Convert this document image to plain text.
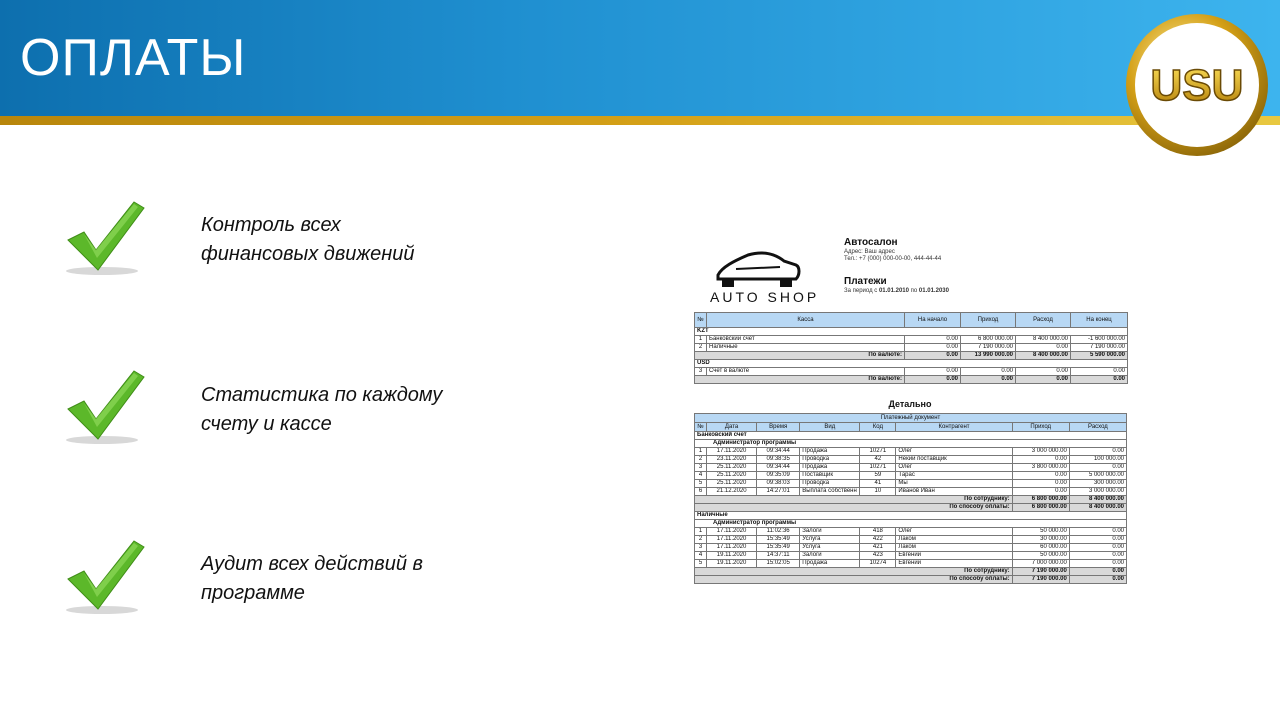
ОПЛАТЫ	USU
Контроль всех
финансовых движений
Статистика по каждому
счету и кассе
Аудит всех действий в
программе
AUTO SHOP
Автосалон
Адрес: Ваш адрес
Тел.: +7 (000) 000-00-00, 444-44-44
Платежи
За период с 01.01.2010 по 01.01.2030
№	Касса	На начало	Приход	Расход	На конец
KZT					
1	Банковский счет	0.00	6 800 000.00	8 400 000.00	-1 600 000.00
2	Наличные	0.00	7 190 000.00	0.00	7 190 000.00
По валюте:		0.00	13 990 000.00	8 400 000.00	5 590 000.00
USD					
3	Счет в валюте	0.00	0.00	0.00	0.00
По валюте:		0.00	0.00	0.00	0.00
Детально
Платежный документ							
№	Дата	Время	Вид	Код	Контрагент	Приход	Расход
Банковский счет							
Администратор программы							
1	17.11.2020	09:34:44	Продажа	10271	Олег	3 000 000.00	0.00
2	23.11.2020	09:38:35	Проводка	42	Некий поставщик	0.00	100 000.00
3	25.11.2020	09:34:44	Продажа	10271	Олег	3 800 000.00	0.00
4	25.11.2020	09:35:09	Поставщик	59	Тарас	0.00	5 000 000.00
5	25.11.2020	09:38:03	Проводка	41	Мы	0.00	300 000.00
6	21.12.2020	14:27:01	Выплата собственн	10	Иванов Иван	0.00	3 000 000.00
По сотруднику:						6 800 000.00	8 400 000.00
По способу оплаты:						6 800 000.00	8 400 000.00
Наличные							
Администратор программы							
1	17.11.2020	11:02:36	Залоги	418	Олег	50 000.00	0.00
2	17.11.2020	15:35:49	Услуга	422	Лаком	30 000.00	0.00
3	17.11.2020	15:35:49	Услуга	421	Лаком	60 000.00	0.00
4	19.11.2020	14:37:11	Залоги	423	Евгений	50 000.00	0.00
5	19.11.2020	15:02:05	Продажа	10274	Евгений	7 000 000.00	0.00
По сотруднику:						7 190 000.00	0.00
По способу оплаты:						7 190 000.00	0.00
